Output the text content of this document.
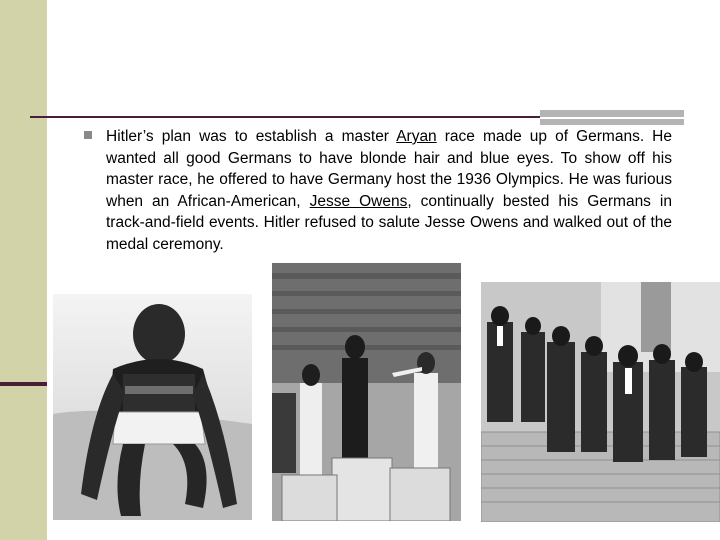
Hitler’s plan was to establish a master Aryan race made up of Germans. He wanted all good Germans to have blonde hair and blue eyes. To show off his master race, he offered to have Germany host the 1936 Olympics. He was furious when an African-American, Jesse Owens, continually bested his Germans in track-and-field events. Hitler refused to salute Jesse Owens and walked out of the medal ceremony.
